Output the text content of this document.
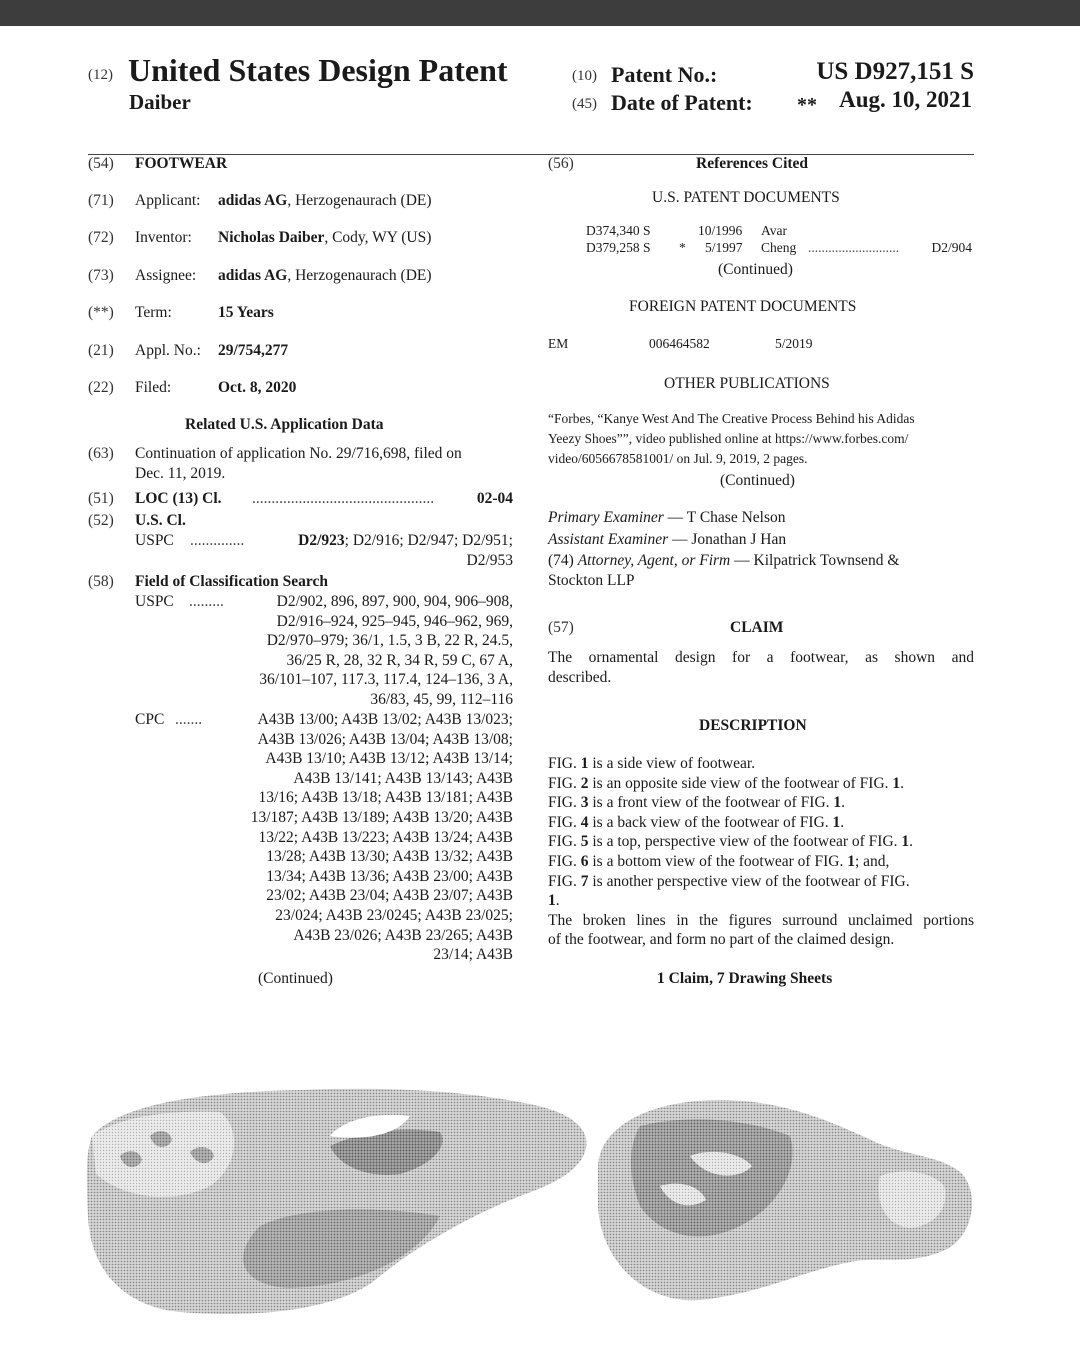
(12) United States Design Patent
Daiber
(10) Patent No.:	US D927,151 S
(45) Date of Patent: ** Aug. 10, 2021
(54) FOOTWEAR
(71) Applicant: adidas AG, Herzogenaurach (DE)
(72) Inventor: Nicholas Daiber, Cody, WY (US)
(73) Assignee: adidas AG, Herzogenaurach (DE)
(**) Term:	15 Years
(21) Appl. No.: 29/754,277
(22) Filed:	Oct. 8, 2020
Related U.S. Application Data
(63) Continuation of application No. 29/716,698, filed on
Dec. 11, 2019.
(51) LOC (13) Cl. ...............................................	02-04
(52) U.S. Cl.
USPC ..............	D2/923; D2/916; D2/947; D2/951;
D2/953
(58) Field of Classification Search
USPC .........	D2/902, 896, 897, 900, 904, 906–908,
D2/916–924, 925–945, 946–962, 969,
D2/970–979; 36/1, 1.5, 3 B, 22 R, 24.5,
36/25 R, 28, 32 R, 34 R, 59 C, 67 A,
36/101–107, 117.3, 117.4, 124–136, 3 A,
36/83, 45, 99, 112–116
CPC .......	A43B 13/00; A43B 13/02; A43B 13/023;
A43B 13/026; A43B 13/04; A43B 13/08;
A43B 13/10; A43B 13/12; A43B 13/14;
A43B 13/141; A43B 13/143; A43B
13/16; A43B 13/18; A43B 13/181; A43B
13/187; A43B 13/189; A43B 13/20; A43B
13/22; A43B 13/223; A43B 13/24; A43B
13/28; A43B 13/30; A43B 13/32; A43B
13/34; A43B 13/36; A43B 23/00; A43B
23/02; A43B 23/04; A43B 23/07; A43B
23/024; A43B 23/0245; A43B 23/025;
A43B 23/026; A43B 23/265; A43B
23/14; A43B
(Continued)
(56)	References Cited
U.S. PATENT DOCUMENTS
D374,340 S	10/1996 Avar
D379,258 S * 5/1997 Cheng ........................... D2/904
(Continued)
FOREIGN PATENT DOCUMENTS
EM	006464582	5/2019
OTHER PUBLICATIONS
“Forbes, “Kanye West And The Creative Process Behind his Adidas
Yeezy Shoes””, video published online at https://www.forbes.com/
video/6056678581001/ on Jul. 9, 2019, 2 pages.
(Continued)
Primary Examiner — T Chase Nelson
Assistant Examiner — Jonathan J Han
(74) Attorney, Agent, or Firm — Kilpatrick Townsend &
Stockton LLP
(57)	CLAIM
The ornamental design for a footwear, as shown and
described.
DESCRIPTION
FIG. 1 is a side view of footwear.
FIG. 2 is an opposite side view of the footwear of FIG. 1.
FIG. 3 is a front view of the footwear of FIG. 1.
FIG. 4 is a back view of the footwear of FIG. 1.
FIG. 5 is a top, perspective view of the footwear of FIG. 1.
FIG. 6 is a bottom view of the footwear of FIG. 1; and,
FIG. 7 is another perspective view of the footwear of FIG.
1.
The broken lines in the figures surround unclaimed portions
of the footwear, and form no part of the claimed design.
1 Claim, 7 Drawing Sheets
